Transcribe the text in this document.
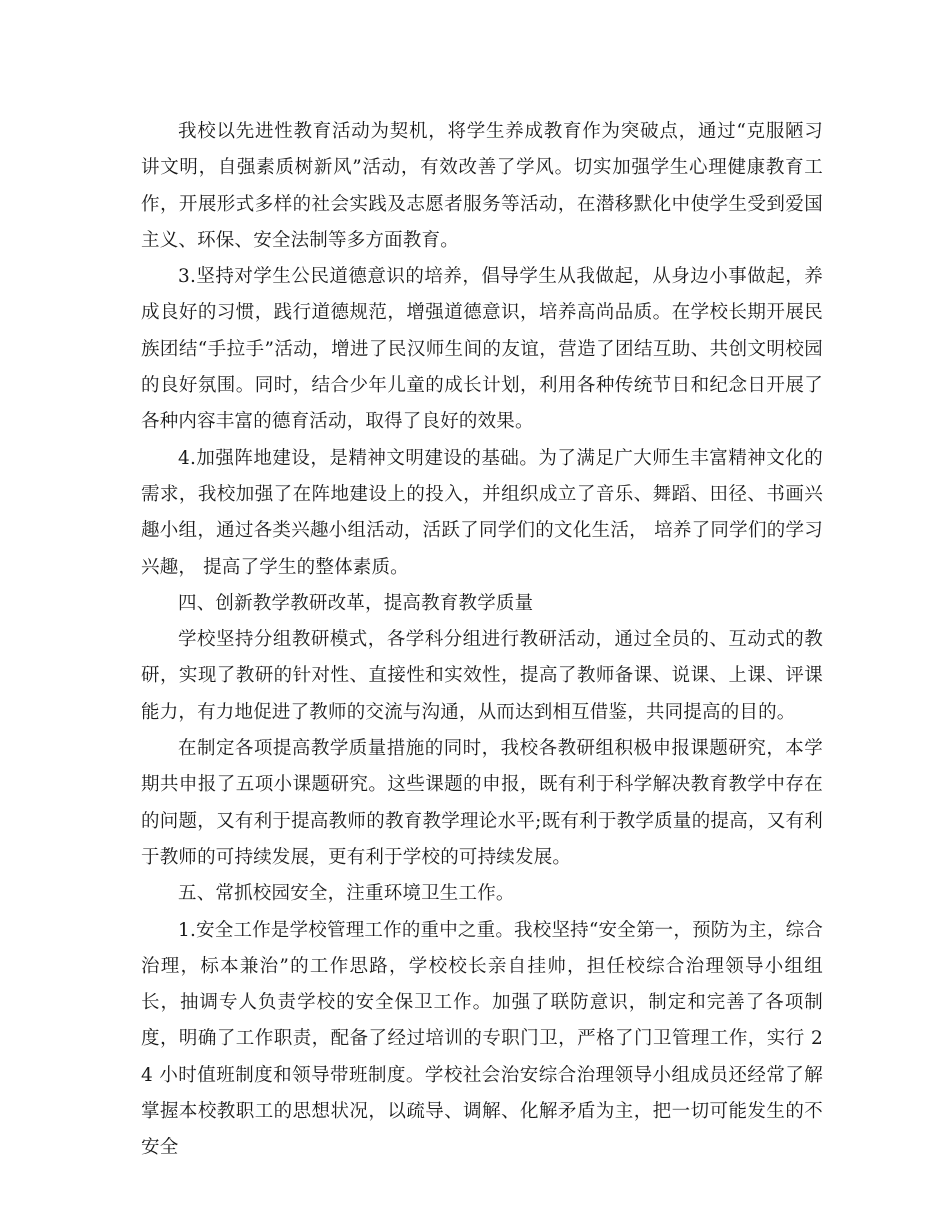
我校以先进性教育活动为契机，将学生养成教育作为突破点，通过“克服陋习讲文明，自强素质树新风”活动，有效改善了学风。切实加强学生心理健康教育工作，开展形式多样的社会实践及志愿者服务等活动，在潜移默化中使学生受到爱国主义、环保、安全法制等多方面教育。

3.坚持对学生公民道德意识的培养，倡导学生从我做起，从身边小事做起，养成良好的习惯，践行道德规范，增强道德意识，培养高尚品质。在学校长期开展民族团结“手拉手”活动，增进了民汉师生间的友谊，营造了团结互助、共创文明校园的良好氛围。同时，结合少年儿童的成长计划，利用各种传统节日和纪念日开展了各种内容丰富的德育活动，取得了良好的效果。

4.加强阵地建设，是精神文明建设的基础。为了满足广大师生丰富精神文化的需求，我校加强了在阵地建设上的投入，并组织成立了音乐、舞蹈、田径、书画兴趣小组，通过各类兴趣小组活动，活跃了同学们的文化生活， 培养了同学们的学习兴趣， 提高了学生的整体素质。

四、创新教学教研改革，提高教育教学质量

学校坚持分组教研模式，各学科分组进行教研活动，通过全员的、互动式的教研，实现了教研的针对性、直接性和实效性，提高了教师备课、说课、上课、评课能力，有力地促进了教师的交流与沟通，从而达到相互借鉴，共同提高的目的。

在制定各项提高教学质量措施的同时，我校各教研组积极申报课题研究，本学期共申报了五项小课题研究。这些课题的申报，既有利于科学解决教育教学中存在的问题，又有利于提高教师的教育教学理论水平;既有利于教学质量的提高，又有利于教师的可持续发展，更有利于学校的可持续发展。

五、常抓校园安全，注重环境卫生工作。

1.安全工作是学校管理工作的重中之重。我校坚持“安全第一，预防为主，综合治理，标本兼治”的工作思路，学校校长亲自挂帅，担任校综合治理领导小组组长，抽调专人负责学校的安全保卫工作。加强了联防意识，制定和完善了各项制度，明确了工作职责，配备了经过培训的专职门卫，严格了门卫管理工作，实行 24 小时值班制度和领导带班制度。学校社会治安综合治理领导小组成员还经常了解掌握本校教职工的思想状况，以疏导、调解、化解矛盾为主，把一切可能发生的不安全
